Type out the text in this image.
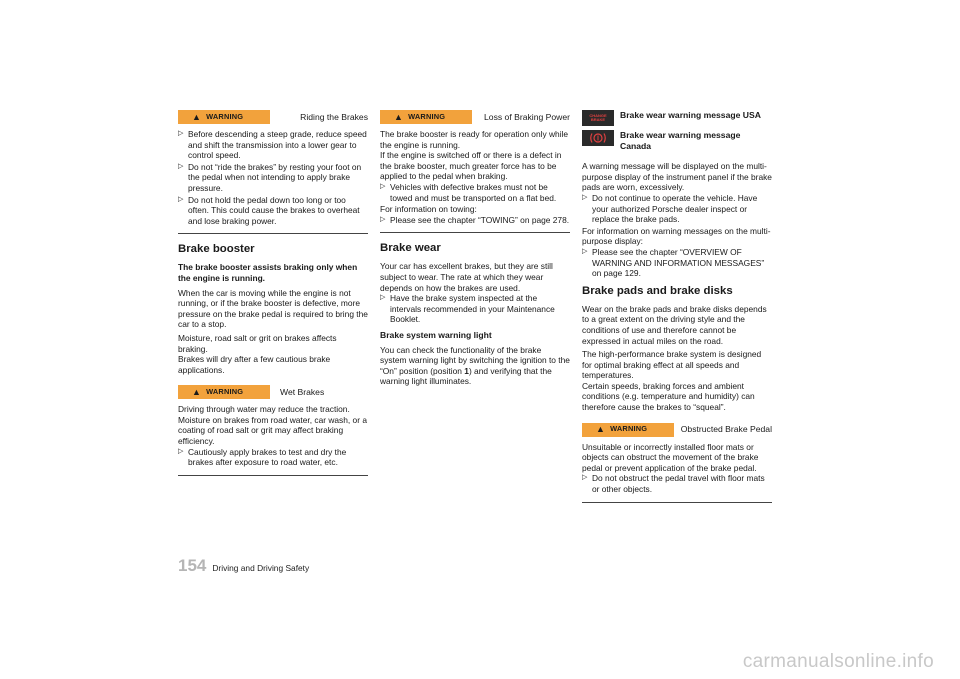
▲ WARNING	Riding the Brakes
▷ Before descending a steep grade, reduce speed and shift the transmission into a lower gear to control speed.
▷ Do not “ride the brakes” by resting your foot on the pedal when not intending to apply brake pressure.
▷ Do not hold the pedal down too long or too often. This could cause the brakes to overheat and lose braking power.
Brake booster

The brake booster assists braking only when the engine is running.

When the car is moving while the engine is not running, or if the brake booster is defective, more pressure on the brake pedal is required to bring the car to a stop.

Moisture, road salt or grit on brakes affects braking.

Brakes will dry after a few cautious brake applications.

▲ WARNING	Wet Brakes

Driving through water may reduce the traction.

Moisture on brakes from road water, car wash, or a coating of road salt or grit may affect braking efficiency.

▷ Cautiously apply brakes to test and dry the brakes after exposure to road water, etc.
▲ WARNING	Loss of Braking Power

The brake booster is ready for operation only while the engine is running.

If the engine is switched off or there is a defect in the brake booster, much greater force has to be applied to the pedal when braking.

▷ Vehicles with defective brakes must not be towed and must be transported on a flat bed.

For information on towing:

▷ Please see the chapter “TOWING” on page 278.
Brake wear

Your car has excellent brakes, but they are still subject to wear. The rate at which they wear depends on how the brakes are used.

▷ Have the brake system inspected at the intervals recommended in your Maintenance Booklet.
Brake system warning light

You can check the functionality of the brake system warning light by switching the ignition to the “On” position (position 1) and verifying that the warning light illuminates.

CHANGE
BRAKE Brake wear warning message USA
Brake wear warning message Canada

A warning message will be displayed on the multi-purpose display of the instrument panel if the brake pads are worn, excessively.

▷ Do not continue to operate the vehicle. Have your authorized Porsche dealer inspect or replace the brake pads.

For information on warning messages on the multi-purpose display:

▷ Please see the chapter “OVERVIEW OF WARNING AND INFORMATION MESSAGES” on page 129.
Brake pads and brake disks

Wear on the brake pads and brake disks depends to a great extent on the driving style and the conditions of use and therefore cannot be expressed in actual miles on the road.

The high-performance brake system is designed for optimal braking effect at all speeds and temperatures.

Certain speeds, braking forces and ambient conditions (e.g. temperature and humidity) can therefore cause the brakes to “squeal”.

▲ WARNING	Obstructed Brake Pedal

Unsuitable or incorrectly installed floor mats or objects can obstruct the movement of the brake pedal or prevent application of the brake pedal.

▷ Do not obstruct the pedal travel with floor mats or other objects.
154 Driving and Driving Safety
carmanualsonline.info
